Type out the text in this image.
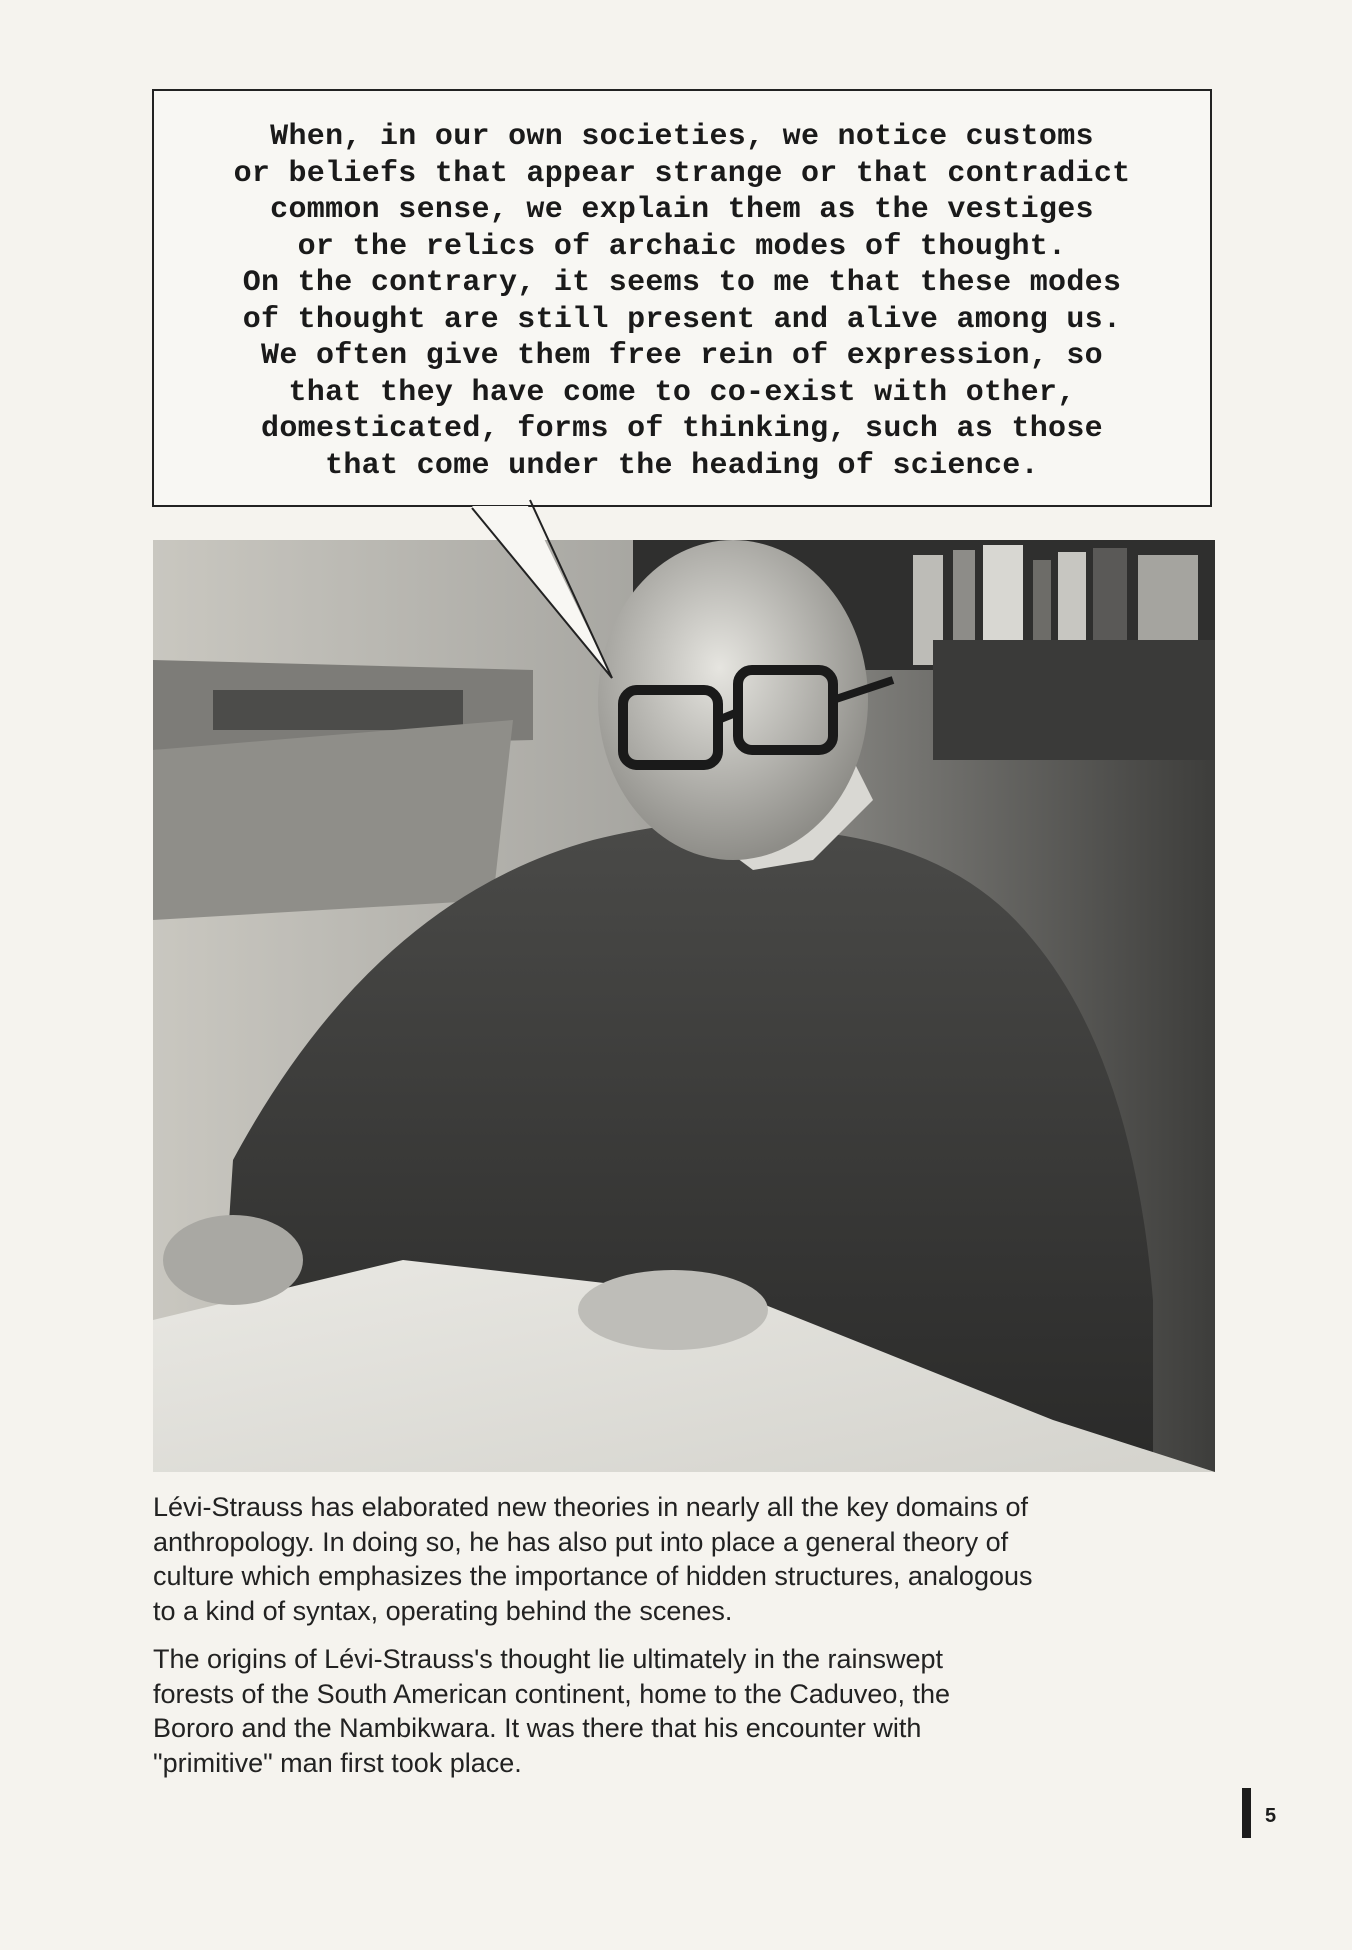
When, in our own societies, we notice customs
or beliefs that appear strange or that contradict
common sense, we explain them as the vestiges
or the relics of archaic modes of thought.
On the contrary, it seems to me that these modes
of thought are still present and alive among us.
We often give them free rein of expression, so
that they have come to co-exist with other,
domesticated, forms of thinking, such as those
that come under the heading of science.

Lévi-Strauss has elaborated new theories in nearly all the key domains of
anthropology. In doing so, he has also put into place a general theory of
culture which emphasizes the importance of hidden structures, analogous
to a kind of syntax, operating behind the scenes.

The origins of Lévi-Strauss's thought lie ultimately in the rainswept
forests of the South American continent, home to the Caduveo, the
Bororo and the Nambikwara. It was there that his encounter with
"primitive" man first took place.

5
